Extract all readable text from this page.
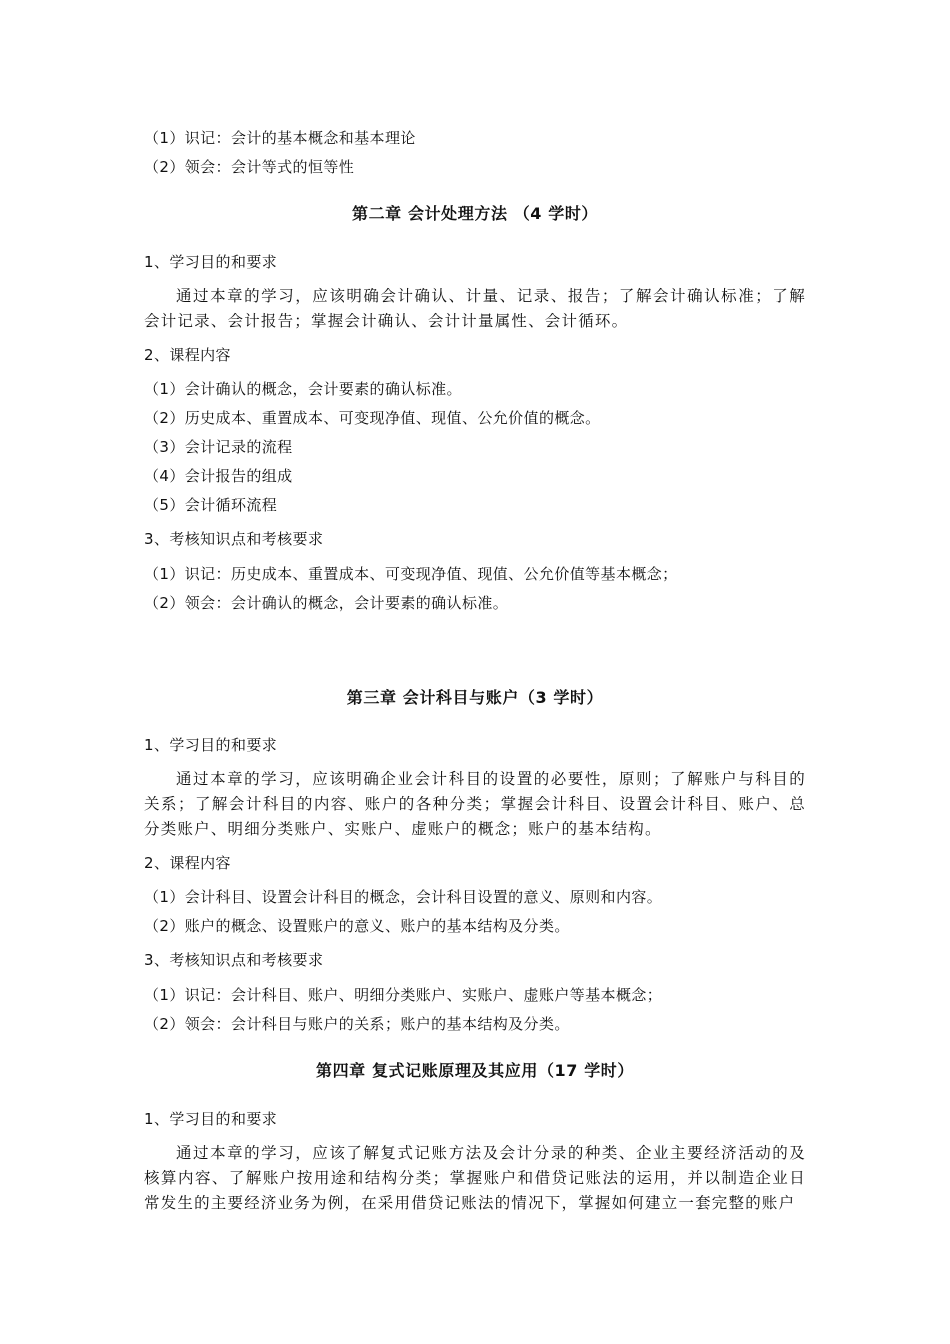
（1）识记：会计的基本概念和基本理论
（2）领会：会计等式的恒等性
第二章 会计处理方法 （4 学时）
1、学习目的和要求
通过本章的学习，应该明确会计确认、计量、记录、报告；了解会计确认标准；了解会计记录、会计报告；掌握会计确认、会计计量属性、会计循环。
2、课程内容
（1）会计确认的概念，会计要素的确认标准。
（2）历史成本、重置成本、可变现净值、现值、公允价值的概念。
（3）会计记录的流程
（4）会计报告的组成
（5）会计循环流程
3、考核知识点和考核要求
（1）识记：历史成本、重置成本、可变现净值、现值、公允价值等基本概念；
（2）领会：会计确认的概念，会计要素的确认标准。
第三章 会计科目与账户（3 学时）
1、学习目的和要求
通过本章的学习，应该明确企业会计科目的设置的必要性，原则；了解账户与科目的关系；了解会计科目的内容、账户的各种分类；掌握会计科目、设置会计科目、账户、总分类账户、明细分类账户、实账户、虚账户的概念；账户的基本结构。
2、课程内容
（1）会计科目、设置会计科目的概念，会计科目设置的意义、原则和内容。
（2）账户的概念、设置账户的意义、账户的基本结构及分类。
3、考核知识点和考核要求
（1）识记：会计科目、账户、明细分类账户、实账户、虚账户等基本概念；
（2）领会：会计科目与账户的关系；账户的基本结构及分类。
第四章 复式记账原理及其应用（17 学时）
1、学习目的和要求
通过本章的学习，应该了解复式记账方法及会计分录的种类、企业主要经济活动的及核算内容、了解账户按用途和结构分类；掌握账户和借贷记账法的运用，并以制造企业日常发生的主要经济业务为例，在采用借贷记账法的情况下，掌握如何建立一套完整的账户
